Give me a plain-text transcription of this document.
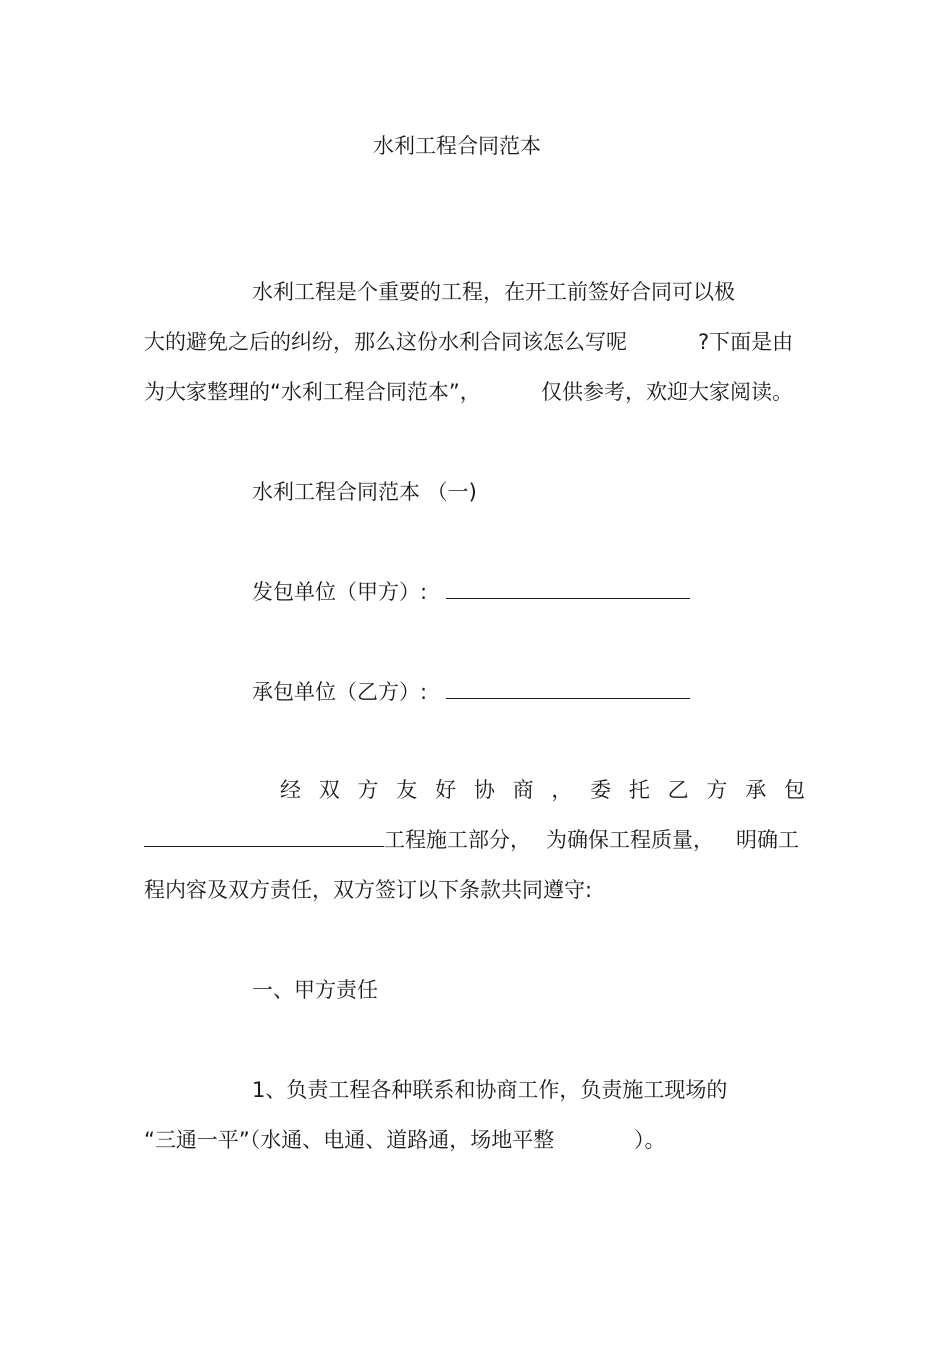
水利工程合同范本
水利工程是个重要的工程，在开工前签好合同可以极
大的避免之后的纠纷，那么这份水利合同该怎么写呢	?下面是由
为大家整理的“水利工程合同范本”，	仅供参考，欢迎大家阅读。
水利工程合同范本 （一)
发包单位（甲方）:
承包单位（乙方）:
经 双 方 友 好 协 商 ， 委 托 乙 方 承 包
工程施工部分， 为确保工程质量， 明确工
程内容及双方责任，双方签订以下条款共同遵守:
一、甲方责任
1、负责工程各种联系和协商工作，负责施工现场的
“三通一平”（水通、电通、道路通，场地平整	）。
